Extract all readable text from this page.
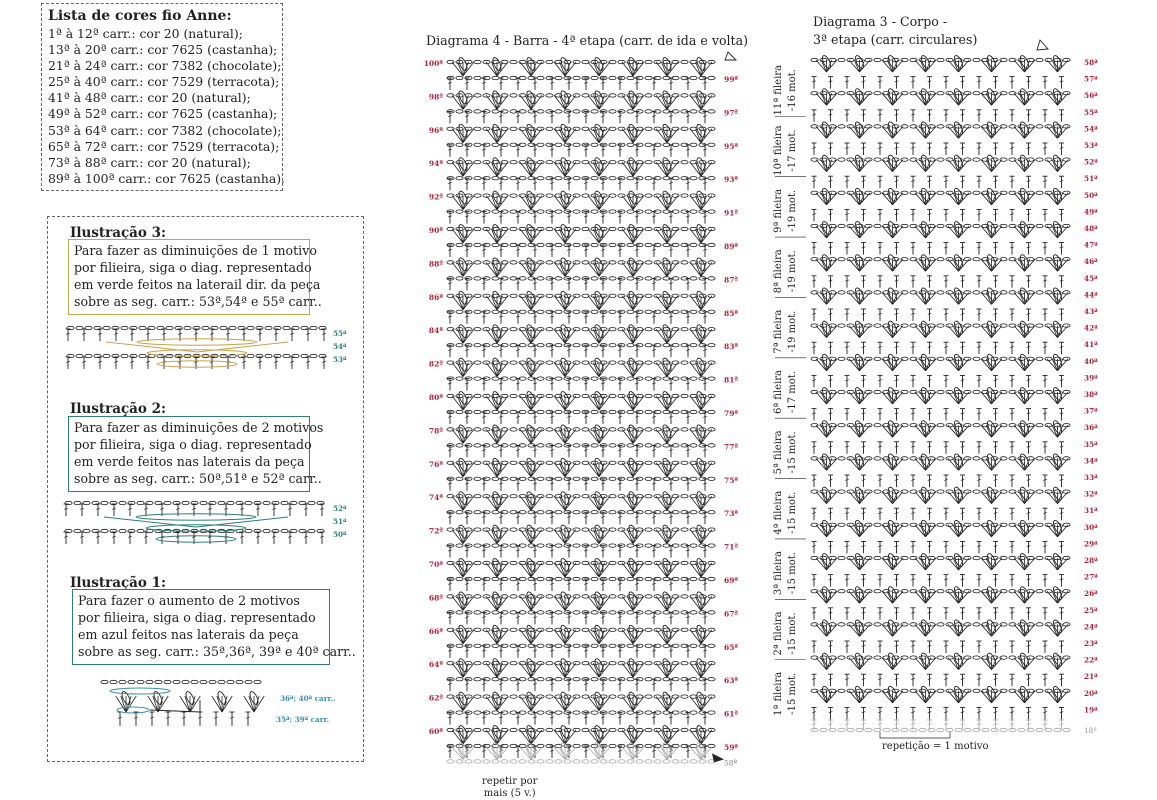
Lista de cores fio Anne:
1ª à 12ª carr.: cor 20 (natural);
13ª à 20ª carr.: cor 7625 (castanha);
21ª à 24ª carr.: cor 7382 (chocolate);
25ª à 40ª carr.: cor 7529 (terracota);
41ª à 48ª carr.: cor 20 (natural);
49ª à 52ª carr.: cor 7625 (castanha);
53ª à 64ª carr.: cor 7382 (chocolate);
65ª à 72ª carr.: cor 7529 (terracota);
73ª à 88ª carr.: cor 20 (natural);
89ª à 100ª carr.: cor 7625 (castanha).
Ilustração 3:
Para fazer as diminuições de 1 motivo
por filieira, siga o diag. representado
em verde feitos na laterail dir. da peça
sobre as seg. carr.: 53ª,54ª e 55ª carr..
Ilustração 2:
Para fazer as diminuições de 2 motivos
por filieira, siga o diag. representado
em verde feitos nas laterais da peça
sobre as seg. carr.: 50ª,51ª e 52ª carr..
Ilustração 1:
Para fazer o aumento de 2 motivos
por filieira, siga o diag. representado
em azul feitos nas laterais da peça
sobre as seg. carr.: 35ª,36ª, 39ª e 40ª carr..
55ª
54ª
53ª
52ª
51ª
50ª
36ª; 40ª carr..
35ª; 39ª carr.
Diagrama 4 - Barra - 4ª etapa (carr. de ida e volta)
100ª
99ª
98ª
97ª
96ª
95ª
94ª
93ª
92ª
91ª
90ª
89ª
88ª
87ª
86ª
85ª
84ª
83ª
82ª
81ª
80ª
79ª
78ª
77ª
76ª
75ª
74ª
73ª
72ª
71ª
70ª
69ª
68ª
67ª
66ª
65ª
64ª
63ª
62ª
61ª
60ª
59ª
58ª
repetir por
mais (5 v.)
Diagrama 3 - Corpo -
3ª etapa (carr. circulares)
58ª
57ª
56ª
55ª
54ª
53ª
52ª
51ª
50ª
49ª
48ª
47ª
46ª
45ª
44ª
43ª
42ª
41ª
40ª
39ª
38ª
37ª
36ª
35ª
34ª
33ª
32ª
31ª
30ª
29ª
28ª
27ª
26ª
25ª
24ª
23ª
22ª
21ª
20ª
19ª
18ª
11ª fileira -16 mot.
10ª fileira -17 mot.
9ª fileira -19 mot.
8ª fileira -19 mot.
7ª fileira -19 mot.
6ª fileira -17 mot.
5ª fileira -15 mot.
4ª fileira -15 mot.
3ª fileira -15 mot.
2ª fileira -15 mot.
1ª fileira -15 mot.
repetição = 1 motivo
